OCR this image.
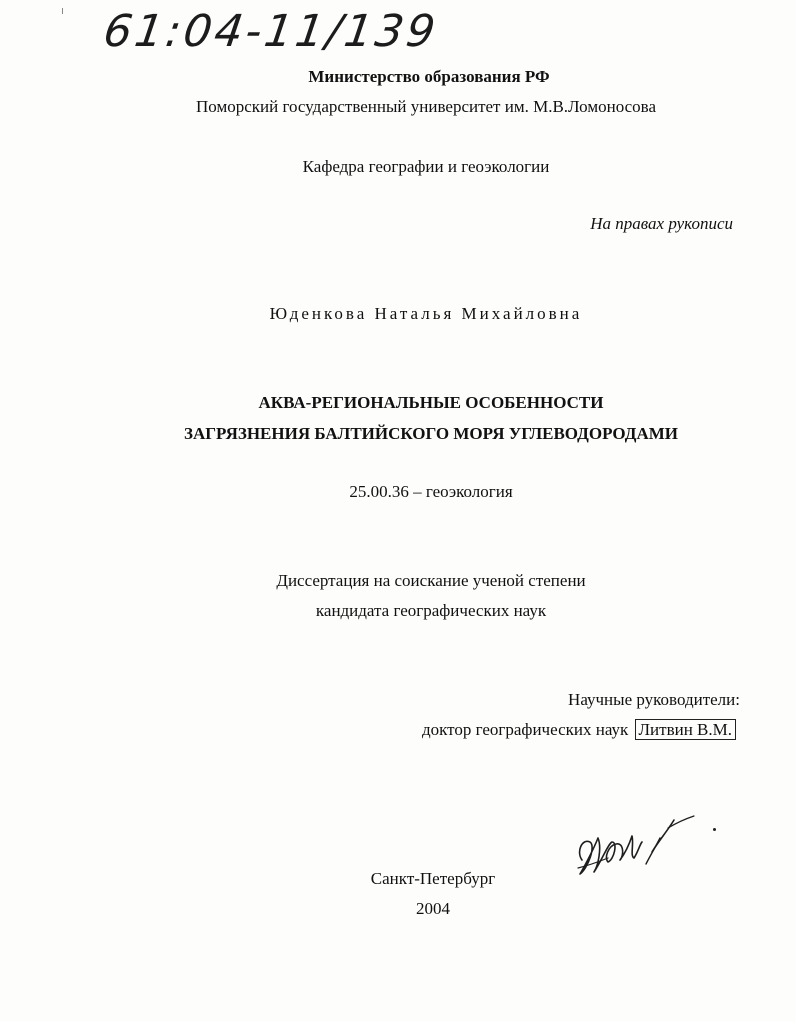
61:04-11/139
Министерство образования РФ
Поморский государственный университет им. М.В.Ломоносова
Кафедра географии и геоэкологии
На правах рукописи
Юденкова Наталья Михайловна
АКВА-РЕГИОНАЛЬНЫЕ ОСОБЕННОСТИ
ЗАГРЯЗНЕНИЯ БАЛТИЙСКОГО МОРЯ УГЛЕВОДОРОДАМИ
25.00.36 – геоэкология
Диссертация на соискание ученой степени
кандидата географических наук
Научные руководители:
доктор географических наук Литвин В.М.
Санкт-Петербург
2004
